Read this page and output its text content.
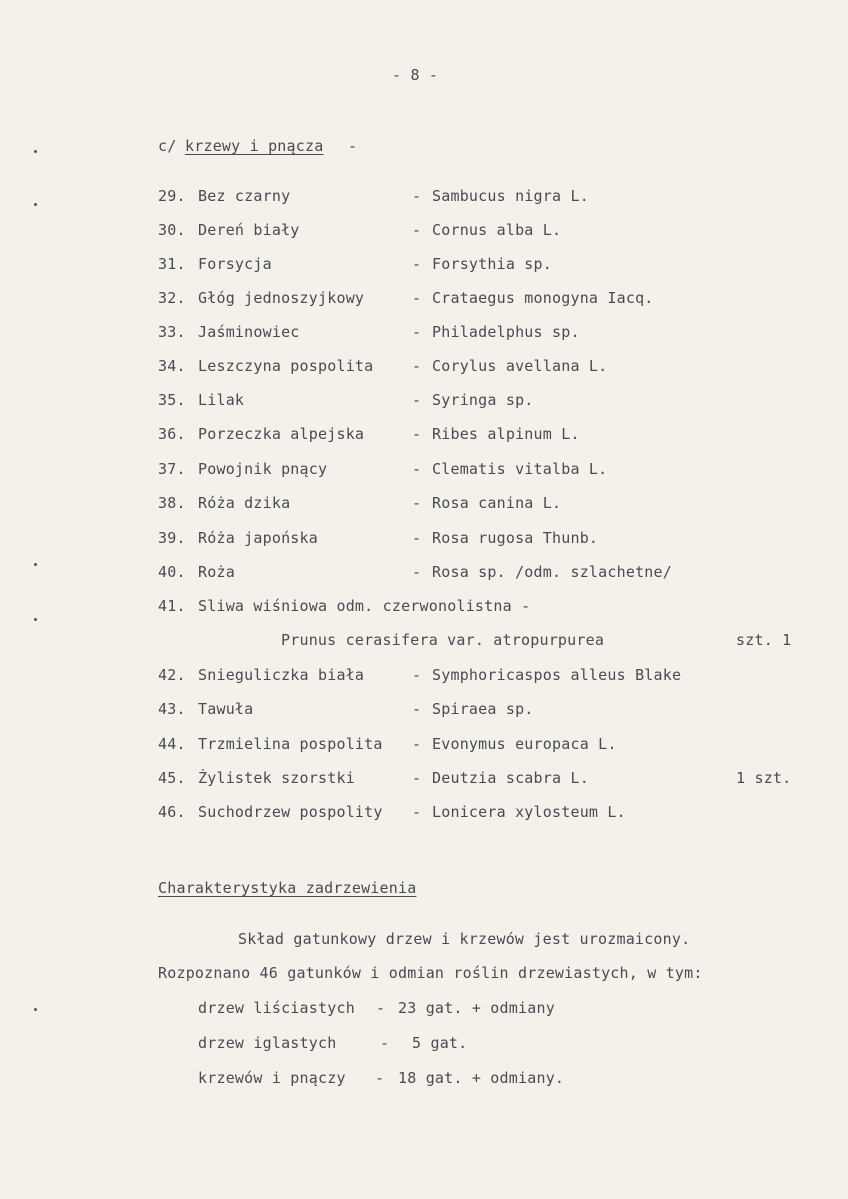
- 8 -
c/ krzewy i pnącza -
29. Bez czarny	- Sambucus nigra L.
30. Dereń biały	- Cornus alba L.
31. Forsycja	- Forsythia sp.
32. Głóg jednoszyjkowy	- Crataegus monogyna Iacq.
33. Jaśminowiec	- Philadelphus sp.
34. Leszczyna pospolita	- Corylus avellana L.
35. Lilak	- Syringa sp.
36. Porzeczka alpejska	- Ribes alpinum L.
37. Powojnik pnący	- Clematis vitalba L.
38. Róża dzika	- Rosa canina L.
39. Róża japońska	- Rosa rugosa Thunb.
40. Roża	- Rosa sp. /odm. szlachetne/
41. Sliwa wiśniowa odm. czerwonolistna -
Prunus cerasifera var. atropurpurea	szt. 1
42. Snieguliczka biała	- Symphoricaspos alleus Blake
43. Tawuła	- Spiraea sp.
44. Trzmielina pospolita - Evonymus europaca L.
45. Żylistek szorstki	- Deutzia scabra L.	1 szt.
46. Suchodrzew pospolity - Lonicera xylosteum L.
Charakterystyka zadrzewienia
Skład gatunkowy drzew i krzewów jest urozmaicony.
Rozpoznano 46 gatunków i odmian roślin drzewiastych, w tym:
drzew liściastych - 23 gat. + odmiany
drzew iglastych	- 5 gat.
krzewów i pnączy - 18 gat. + odmiany.
